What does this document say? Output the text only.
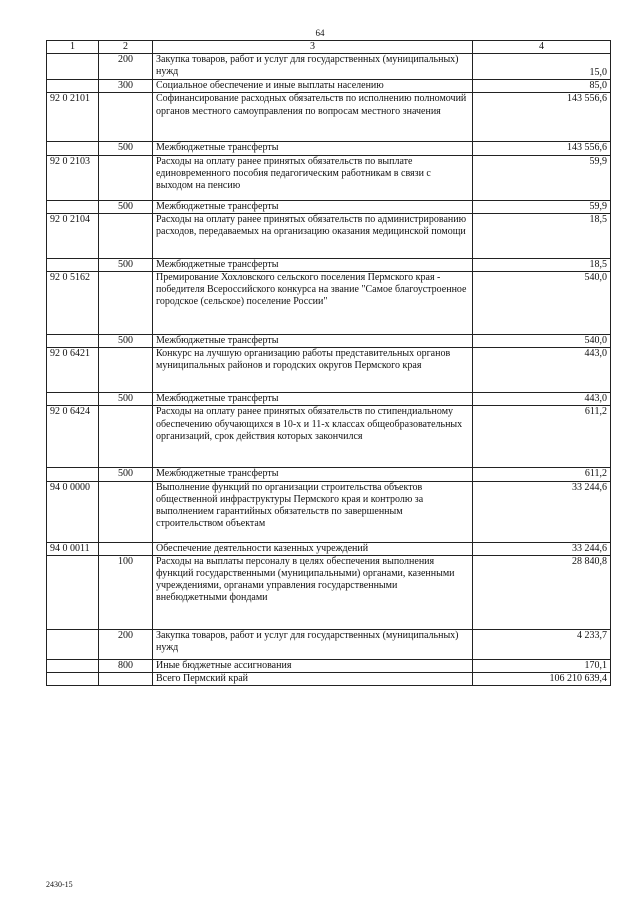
64
1	2	3	4
	200	Закупка товаров, работ и услуг для государственных (муниципальных) нужд	15,0
	300	Социальное обеспечение и иные выплаты населению	85,0
92 0 2101		Софинансирование расходных обязательств по исполнению полномочий органов местного самоуправления по вопросам местного значения	143 556,6
	500	Межбюджетные трансферты	143 556,6
92 0 2103		Расходы на оплату ранее принятых обязательств по выплате единовременного пособия педагогическим работникам в связи с выходом на пенсию	59,9
	500	Межбюджетные трансферты	59,9
92 0 2104		Расходы на оплату ранее принятых обязательств по администрированию расходов, передаваемых на организацию оказания медицинской помощи	18,5
	500	Межбюджетные трансферты	18,5
92 0 5162		Премирование Хохловского сельского поселения Пермского края - победителя Всероссийского конкурса на звание "Самое благоустроенное городское (сельское) поселение России"	540,0
	500	Межбюджетные трансферты	540,0
92 0 6421		Конкурс на лучшую организацию работы представительных органов муниципальных районов и городских округов Пермского края	443,0
	500	Межбюджетные трансферты	443,0
92 0 6424		Расходы на оплату ранее принятых обязательств по стипендиальному обеспечению обучающихся в 10-х и 11-х классах общеобразовательных организаций, срок действия которых закончился	611,2
	500	Межбюджетные трансферты	611,2
94 0 0000		Выполнение функций по организации строительства объектов общественной инфраструктуры Пермского края и контролю за выполнением гарантийных обязательств по завершенным строительством объектам	33 244,6
94 0 0011		Обеспечение деятельности казенных учреждений	33 244,6
	100	Расходы на выплаты персоналу в целях обеспечения выполнения функций государственными (муниципальными) органами, казенными учреждениями, органами управления государственными внебюджетными фондами	28 840,8
	200	Закупка товаров, работ и услуг для государственных (муниципальных) нужд	4 233,7
	800	Иные бюджетные ассигнования	170,1
		Всего Пермский край	106 210 639,4
2430-15
